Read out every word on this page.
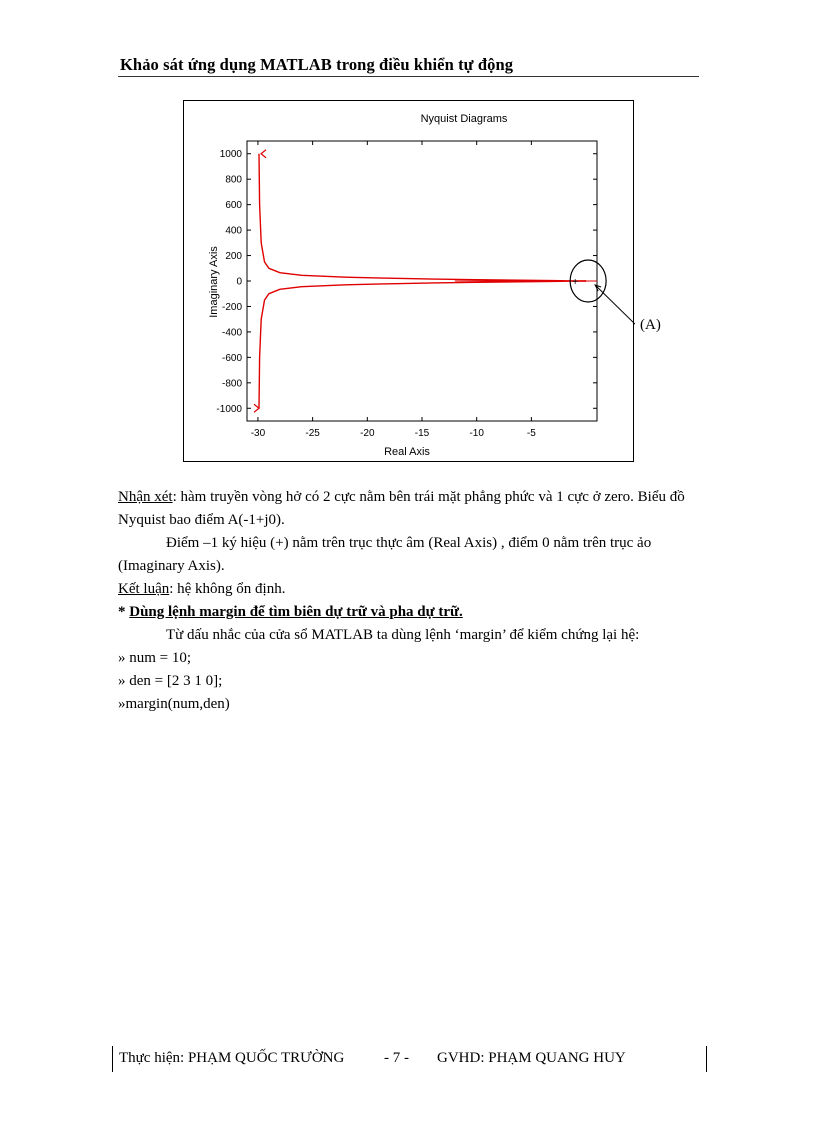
Khảo sát ứng dụng MATLAB trong điều khiển tự động
Nyquist Diagrams
Real Axis
Imaginary Axis
-30	-25	-20	-15	-10	-5
1000
800
600
400
200
0
-200
-400
-600
-800
-1000
+
(A)

Nhận xét: hàm truyền vòng hở có 2 cực nằm bên trái mặt phẳng phức và 1 cực ở zero. Biểu đồ Nyquist bao điểm A(-1+j0).

Điểm –1 ký hiệu (+) nằm trên trục thực âm (Real Axis) , điểm 0 nằm trên trục ảo (Imaginary Axis).

Kết luận: hệ không ổn định.

* Dùng lệnh margin để tìm biên dự trữ và pha dự trữ.

Từ dấu nhắc của cửa sổ MATLAB ta dùng lệnh ‘margin’ để kiểm chứng lại hệ:

» num = 10;

» den = [2 3 1 0];

»margin(num,den)

Thực hiện: PHẠM QUỐC TRƯỜNG	- 7 - GVHD: PHẠM QUANG HUY
